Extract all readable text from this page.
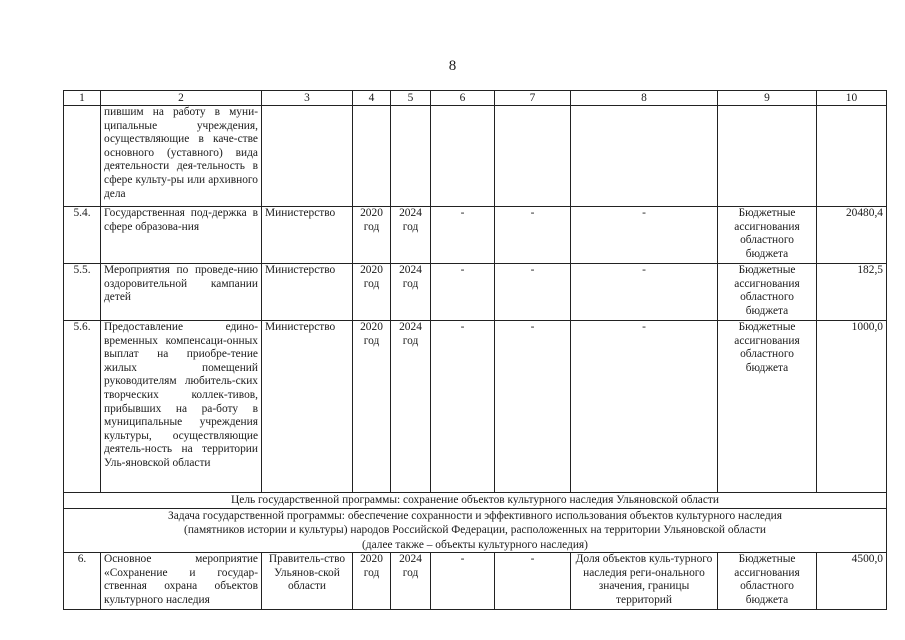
8
1	2	3	4	5	6	7	8	9	10
	пившим на работу в муни-ципальные учреждения, осуществляющие в каче-стве основного (уставного) вида деятельности дея-тельность в сфере культу-ры или архивного дела								
5.4.	Государственная под-держка в сфере образова-ния	Министерство	2020 год	2024 год	-	-	-	Бюджетные ассигнования областного бюджета	20480,4
5.5.	Мероприятия по проведе-нию оздоровительной кампании детей	Министерство	2020 год	2024 год	-	-	-	Бюджетные ассигнования областного бюджета	182,5
5.6.	Предоставление едино-временных компенсаци-онных выплат на приобре-тение жилых помещений руководителям любитель-ских творческих коллек-тивов, прибывших на ра-боту в муниципальные учреждения культуры, осуществляющие деятель-ность на территории Уль-яновской области	Министерство	2020 год	2024 год	-	-	-	Бюджетные ассигнования областного бюджета	1000,0
Цель государственной программы: сохранение объектов культурного наследия Ульяновской области									

Задача государственной программы: обеспечение сохранности и эффективного использования объектов культурного наследия
(памятников истории и культуры) народов Российской Федерации, расположенных на территории Ульяновской области
(далее также – объекты культурного наследия)									

6.	Основное мероприятие «Сохранение и государ-ственная охрана объектов культурного наследия	Правитель-ство Ульянов-ской области	2020 год	2024 год	-	-	Доля объектов куль-турного наследия реги-онального значения, границы территорий	Бюджетные ассигнования областного бюджета	4500,0
